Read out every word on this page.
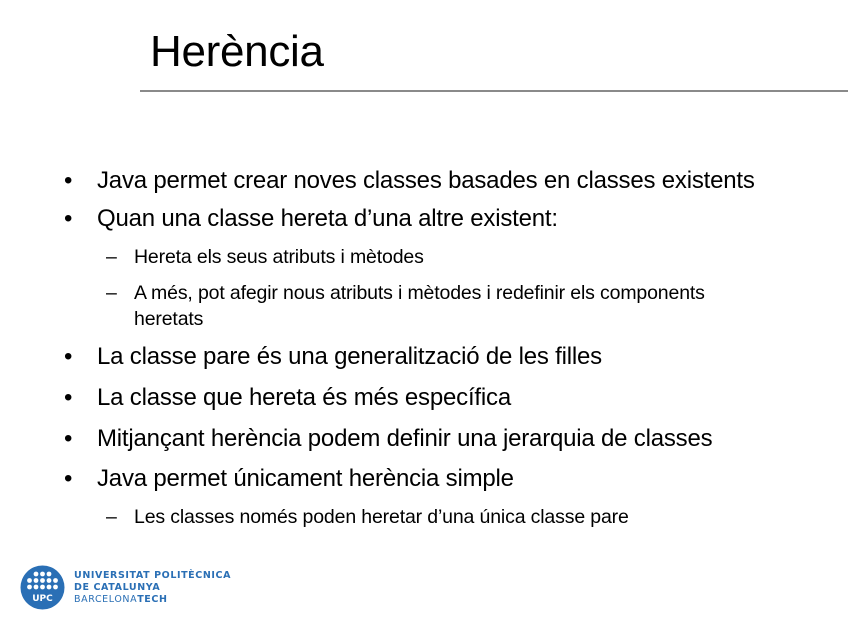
Herència
• Java permet crear noves classes basades en classes existents
• Quan una classe hereta d’una altre existent:
– Hereta els seus atributs i mètodes
– A més, pot afegir nous atributs i mètodes i redefinir els components
heretats
• La classe pare és una generalització de les filles
• La classe que hereta és més específica
• Mitjançant herència podem definir una jerarquia de classes
• Java permet únicament herència simple
– Les classes només poden heretar d’una única classe pare
UPC
UNIVERSITAT POLITÈCNICA
DE CATALUNYA
BARCELONATECH
